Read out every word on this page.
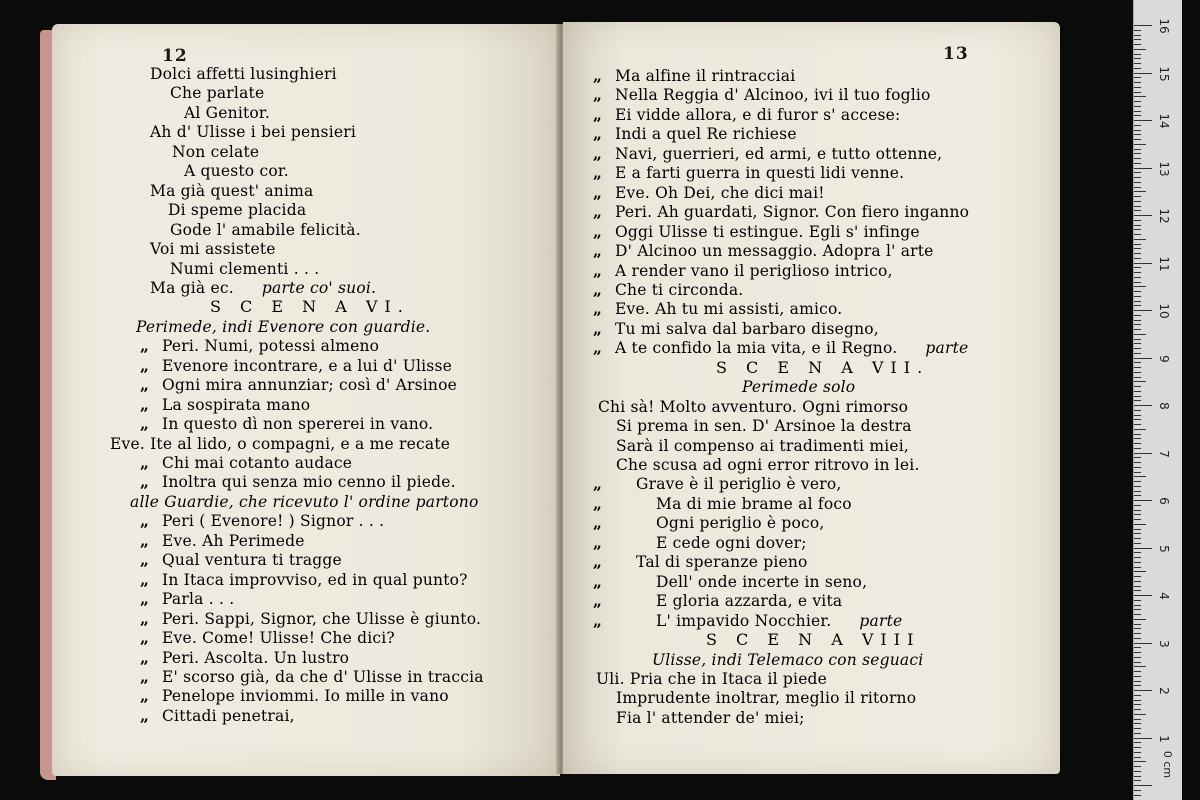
12	13
Dolci affetti lusinghieri
Che parlate
Al Genitor.
Ah d' Ulisse i bei pensieri
Non celate
A questo cor.
Ma già quest' anima
Di speme placida
Gode l' amabile felicità.
Voi mi assistete
Numi clementi . . .
Ma già ec. parte co' suoi.
S C E N A VI.
Perimede, indi Evenore con guardie.
„ Peri. Numi, potessi almeno
„ Evenore incontrare, e a lui d' Ulisse
„ Ogni mira annunziar; così d' Arsinoe
„ La sospirata mano
„ In questo dì non spererei in vano.
Eve. Ite al lido, o compagni, e a me recate
„ Chi mai cotanto audace
„ Inoltra qui senza mio cenno il piede.
alle Guardie, che ricevuto l' ordine partono
„ Peri ( Evenore! ) Signor . . .
„ Eve. Ah Perimede
„ Qual ventura ti tragge
„ In Itaca improvviso, ed in qual punto?
„ Parla . . .
„ Peri. Sappi, Signor, che Ulisse è giunto.
„ Eve. Come! Ulisse! Che dici?
„ Peri. Ascolta. Un lustro
„ E' scorso già, da che d' Ulisse in traccia
„ Penelope inviommi. Io mille in vano
„ Cittadi penetrai,
„ Ma alfine il rintracciai
„ Nella Reggia d' Alcinoo, ivi il tuo foglio
„ Ei vidde allora, e di furor s' accese:
„ Indi a quel Re richiese
„ Navi, guerrieri, ed armi, e tutto ottenne,
„ E a farti guerra in questi lidi venne.
„ Eve. Oh Dei, che dici mai!
„ Peri. Ah guardati, Signor. Con fiero inganno
„ Oggi Ulisse ti estingue. Egli s' infinge
„ D' Alcinoo un messaggio. Adopra l' arte
„ A render vano il periglioso intrico,
„ Che ti circonda.
„ Eve. Ah tu mi assisti, amico.
„ Tu mi salva dal barbaro disegno,
„ A te confido la mia vita, e il Regno. parte
S C E N A VII.
Perimede solo
Chi sà! Molto avventuro. Ogni rimorso
Si prema in sen. D' Arsinoe la destra
Sarà il compenso ai tradimenti miei,
Che scusa ad ogni error ritrovo in lei.
„	Grave è il periglio è vero,
„	Ma di mie brame al foco
„	Ogni periglio è poco,
„	E cede ogni dover;
„	Tal di speranze pieno
„	Dell' onde incerte in seno,
„	E gloria azzarda, e vita
„	L' impavido Nocchier. parte
S C E N A VIII
Ulisse, indi Telemaco con seguaci
Uli. Pria che in Itaca il piede
Imprudente inoltrar, meglio il ritorno
Fia l' attender de' miei;
0 cm
16
15
14
13
12
11
10
9
8
7
6
5
4
3
2
1
